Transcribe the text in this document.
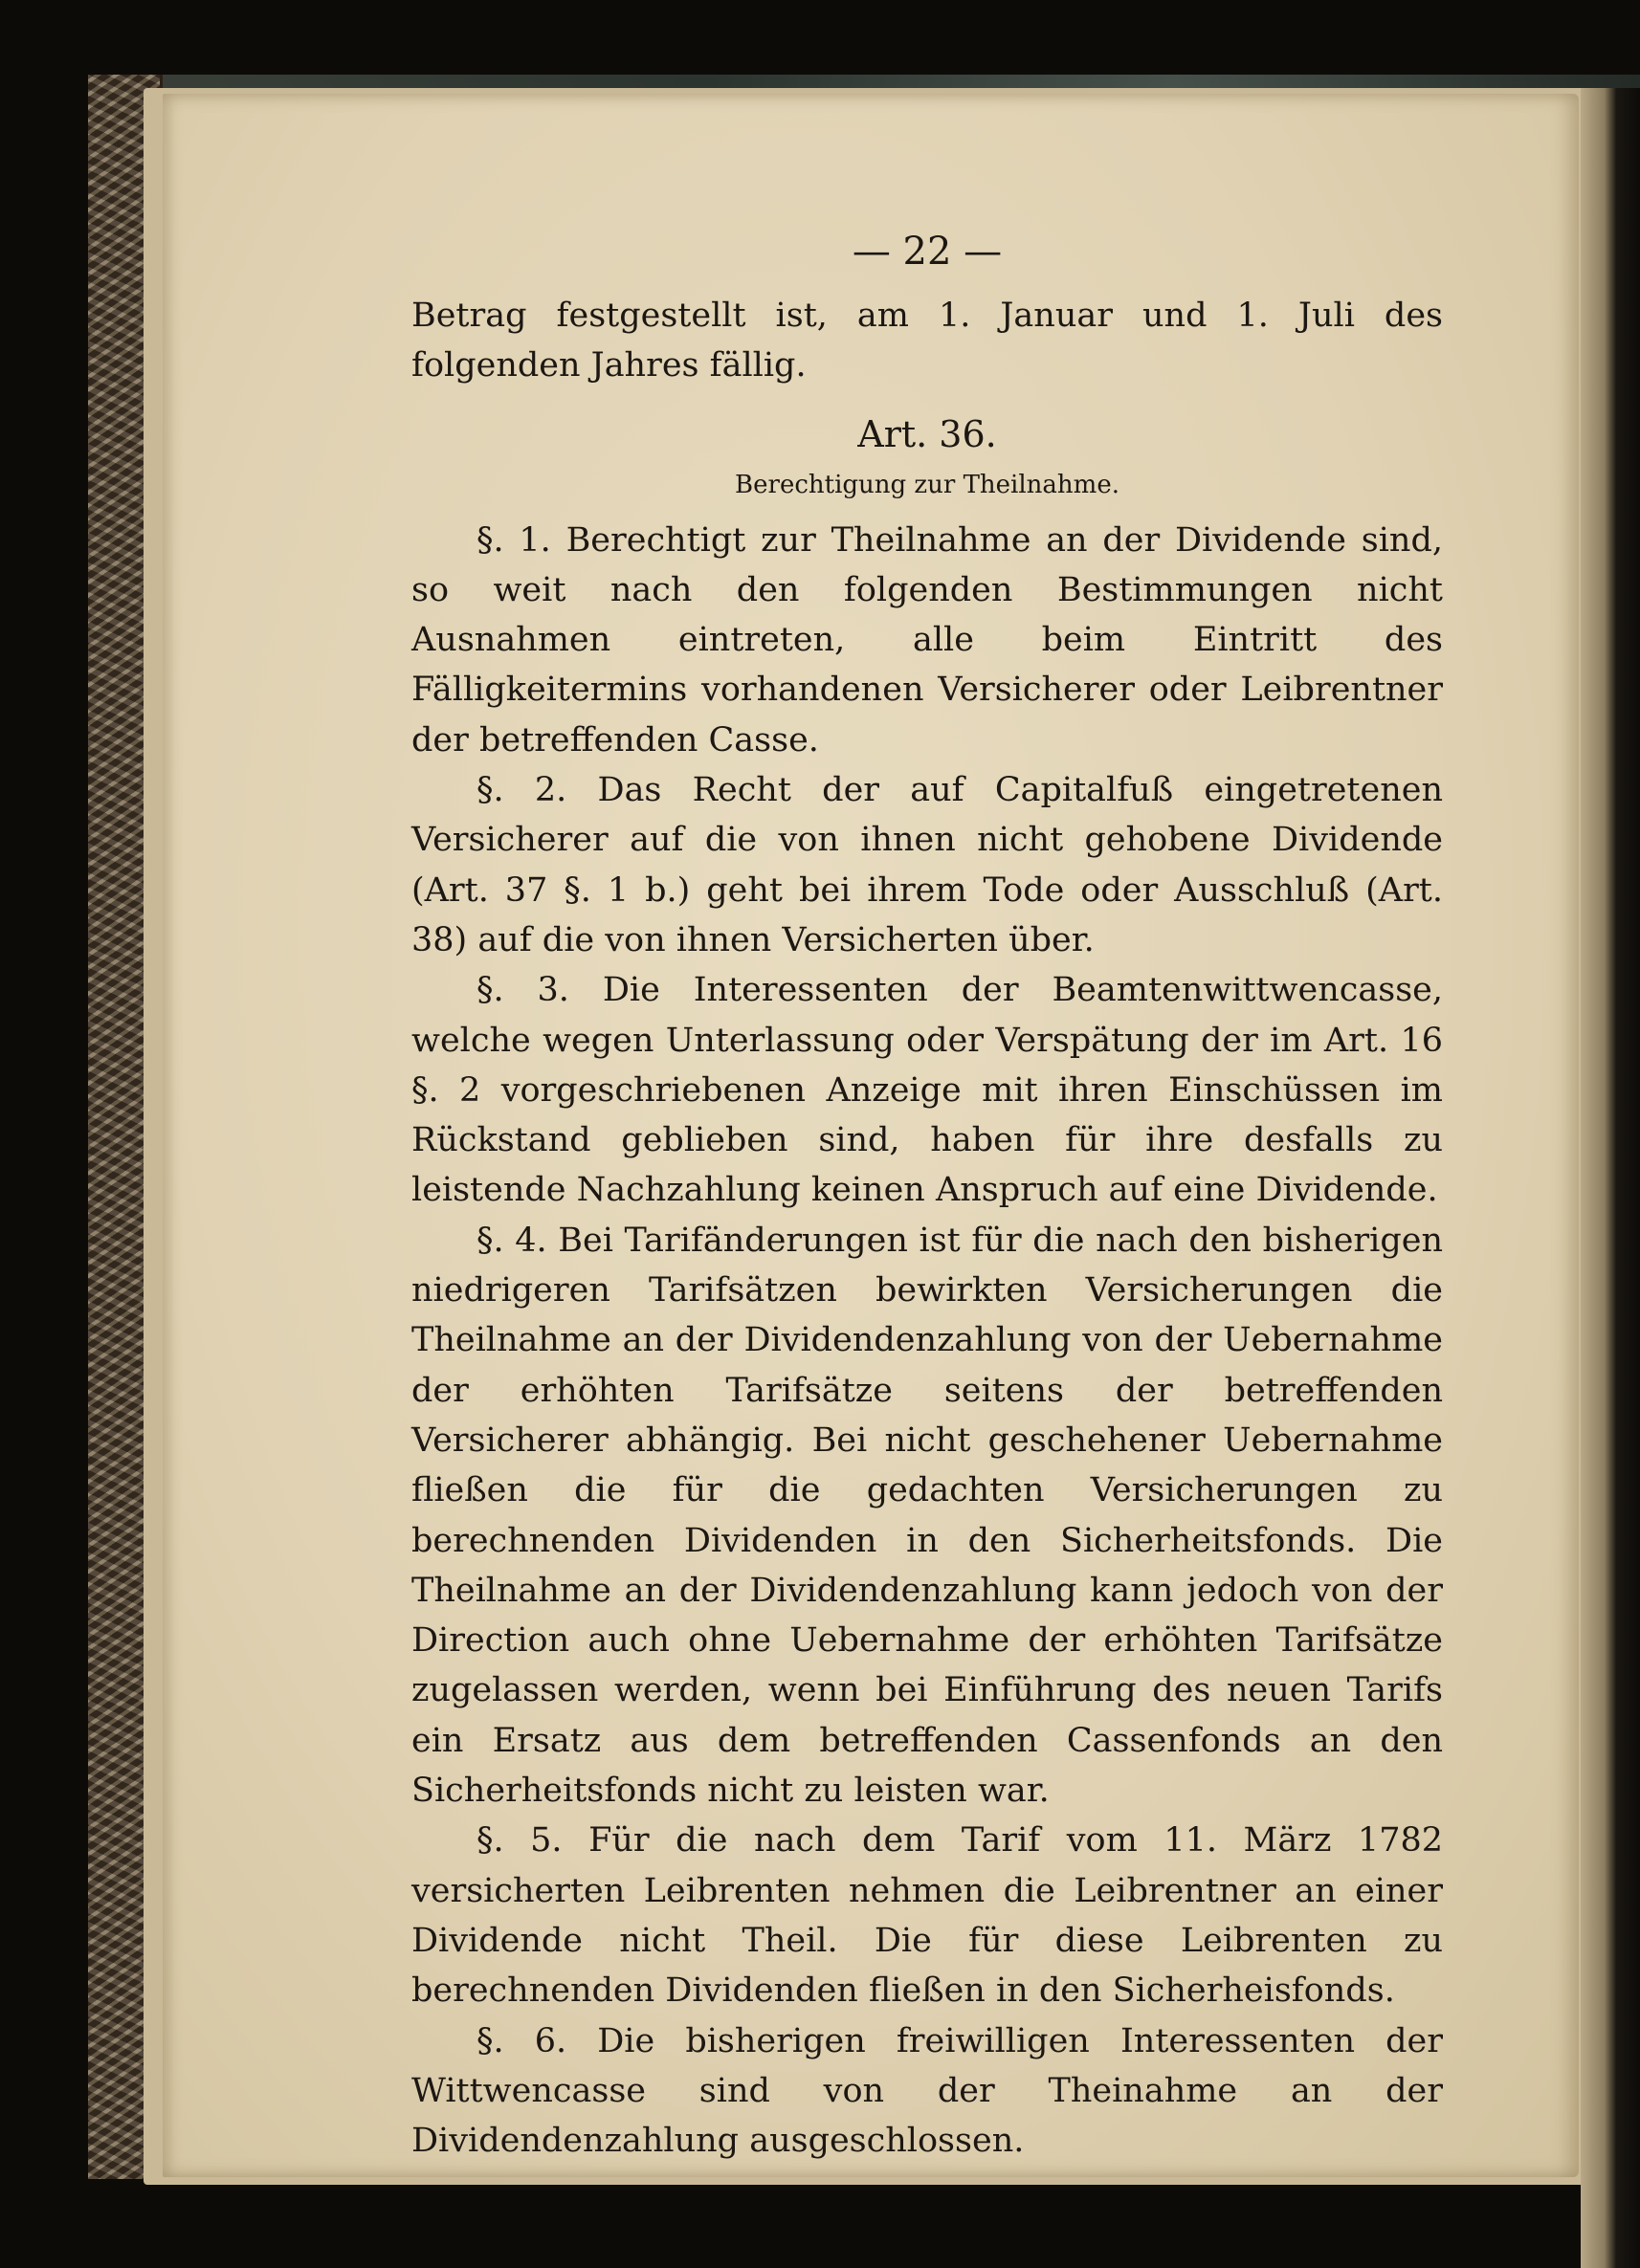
— 22 —

Betrag festgestellt ist, am 1. Januar und 1. Juli des folgenden Jahres fällig.

Art. 36.
Berechtigung zur Theilnahme.

§. 1. Berechtigt zur Theilnahme an der Dividende sind, so weit nach den folgenden Bestimmungen nicht Ausnahmen eintreten, alle beim Eintritt des Fälligkeitermins vorhandenen Versicherer oder Leibrentner der betreffenden Casse.

§. 2. Das Recht der auf Capitalfuß eingetretenen Versicherer auf die von ihnen nicht gehobene Dividende (Art. 37 §. 1 b.) geht bei ihrem Tode oder Ausschluß (Art. 38) auf die von ihnen Versicherten über.

§. 3. Die Interessenten der Beamtenwittwencasse, welche wegen Unterlassung oder Verspätung der im Art. 16 §. 2 vorgeschriebenen Anzeige mit ihren Einschüssen im Rückstand geblieben sind, haben für ihre desfalls zu leistende Nachzahlung keinen Anspruch auf eine Dividende.

§. 4. Bei Tarifänderungen ist für die nach den bisherigen niedrigeren Tarifsätzen bewirkten Versicherungen die Theilnahme an der Dividendenzahlung von der Uebernahme der erhöhten Tarifsätze seitens der betreffenden Versicherer abhängig. Bei nicht geschehener Uebernahme fließen die für die gedachten Versicherungen zu berechnenden Dividenden in den Sicherheitsfonds. Die Theilnahme an der Dividendenzahlung kann jedoch von der Direction auch ohne Uebernahme der erhöhten Tarifsätze zugelassen werden, wenn bei Einführung des neuen Tarifs ein Ersatz aus dem betreffenden Cassenfonds an den Sicherheitsfonds nicht zu leisten war.

§. 5. Für die nach dem Tarif vom 11. März 1782 versicherten Leibrenten nehmen die Leibrentner an einer Dividende nicht Theil. Die für diese Leibrenten zu berechnenden Dividenden fließen in den Sicherheisfonds.

§. 6. Die bisherigen freiwilligen Interessenten der Wittwencasse sind von der Theinahme an der Dividendenzahlung ausgeschlossen.
